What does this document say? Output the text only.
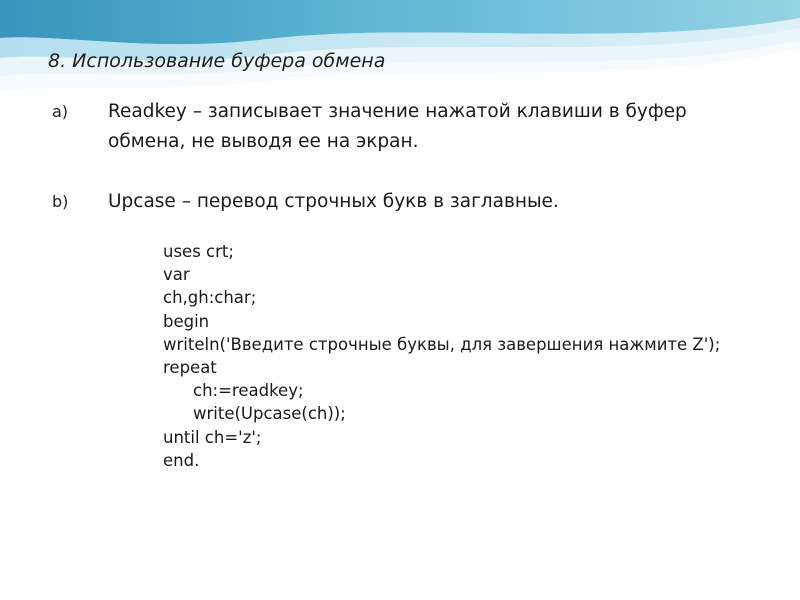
8. Использование буфера обмена
a) Readkey – записывает значение нажатой клавиши в буфер обмена, не выводя ее на экран.
b) Upcase – перевод строчных букв в заглавные.
uses crt;
var
ch,gh:char;
begin
writeln('Введите строчные буквы, для завершения нажмите Z');
repeat
ch:=readkey;
write(Upcase(ch));
until ch='z';
end.
